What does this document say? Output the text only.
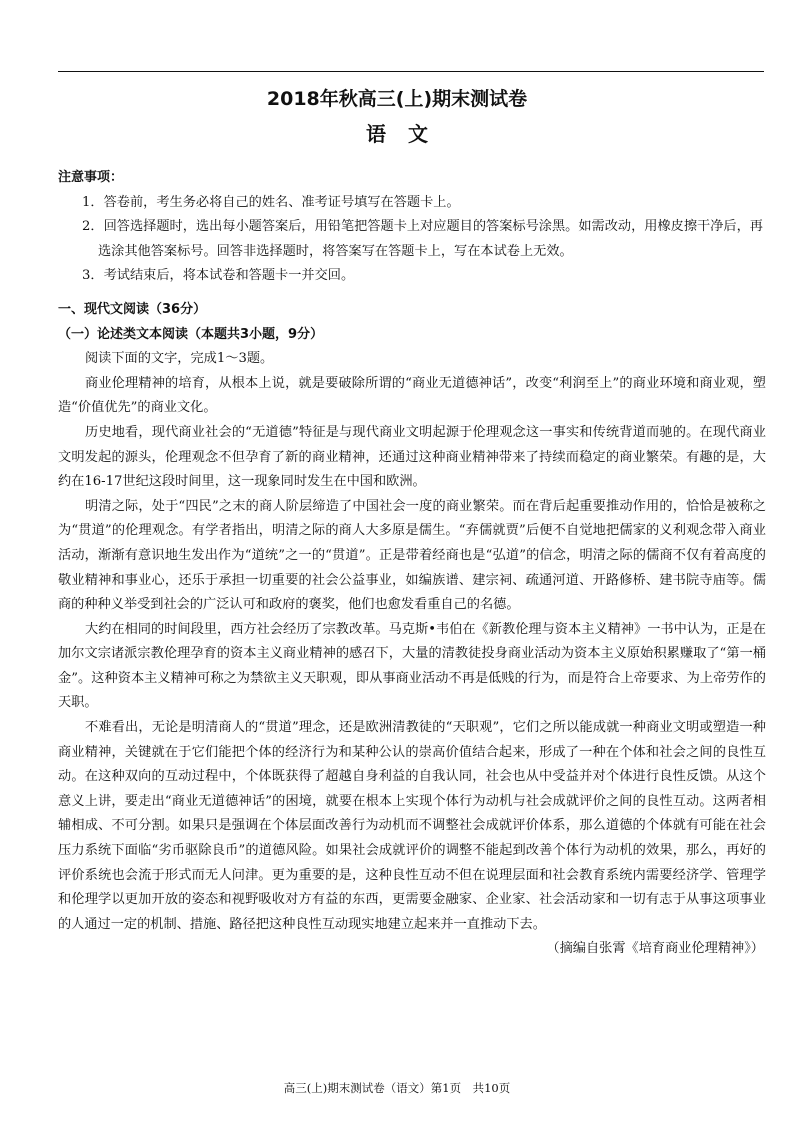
2018年秋高三(上)期末测试卷
语文
注意事项：

1．答卷前，考生务必将自己的姓名、准考证号填写在答题卡上。

2．回答选择题时，选出每小题答案后，用铅笔把答题卡上对应题目的答案标号涂黑。如需改动，用橡皮擦干净后，再选涂其他答案标号。回答非选择题时，将答案写在答题卡上，写在本试卷上无效。

3．考试结束后，将本试卷和答题卡一并交回。

一、现代文阅读（36分）
（一）论述类文本阅读（本题共3小题，9分）

阅读下面的文字，完成1～3题。

商业伦理精神的培育，从根本上说，就是要破除所谓的“商业无道德神话”，改变“利润至上”的商业环境和商业观，塑造“价值优先”的商业文化。

历史地看，现代商业社会的“无道德”特征是与现代商业文明起源于伦理观念这一事实和传统背道而驰的。在现代商业文明发起的源头，伦理观念不但孕育了新的商业精神，还通过这种商业精神带来了持续而稳定的商业繁荣。有趣的是，大约在16-17世纪这段时间里，这一现象同时发生在中国和欧洲。

明清之际，处于“四民”之末的商人阶层缔造了中国社会一度的商业繁荣。而在背后起重要推动作用的，恰恰是被称之为“贯道”的伦理观念。有学者指出，明清之际的商人大多原是儒生。“弃儒就贾”后便不自觉地把儒家的义利观念带入商业活动，渐渐有意识地生发出作为“道统”之一的“贯道”。正是带着经商也是“弘道”的信念，明清之际的儒商不仅有着高度的敬业精神和事业心，还乐于承担一切重要的社会公益事业，如编族谱、建宗祠、疏通河道、开路修桥、建书院寺庙等。儒商的种种义举受到社会的广泛认可和政府的褒奖，他们也愈发看重自己的名德。

大约在相同的时间段里，西方社会经历了宗教改革。马克斯•韦伯在《新教伦理与资本主义精神》一书中认为，正是在加尔文宗诸派宗教伦理孕育的资本主义商业精神的感召下，大量的清教徒投身商业活动为资本主义原始积累赚取了“第一桶金”。这种资本主义精神可称之为禁欲主义天职观，即从事商业活动不再是低贱的行为，而是符合上帝要求、为上帝劳作的天职。

不难看出，无论是明清商人的“贯道”理念，还是欧洲清教徒的“天职观”，它们之所以能成就一种商业文明或塑造一种商业精神，关键就在于它们能把个体的经济行为和某种公认的崇高价值结合起来，形成了一种在个体和社会之间的良性互动。在这种双向的互动过程中，个体既获得了超越自身利益的自我认同，社会也从中受益并对个体进行良性反馈。从这个意义上讲，要走出“商业无道德神话”的困境，就要在根本上实现个体行为动机与社会成就评价之间的良性互动。这两者相辅相成、不可分割。如果只是强调在个体层面改善行为动机而不调整社会成就评价体系，那么道德的个体就有可能在社会压力系统下面临“劣币驱除良币”的道德风险。如果社会成就评价的调整不能起到改善个体行为动机的效果，那么，再好的评价系统也会流于形式而无人问津。更为重要的是，这种良性互动不但在说理层面和社会教育系统内需要经济学、管理学和伦理学以更加开放的姿态和视野吸收对方有益的东西，更需要金融家、企业家、社会活动家和一切有志于从事这项事业的人通过一定的机制、措施、路径把这种良性互动现实地建立起来并一直推动下去。

（摘编自张霄《培育商业伦理精神》）

高三(上)期末测试卷（语文）第1页　共10页
